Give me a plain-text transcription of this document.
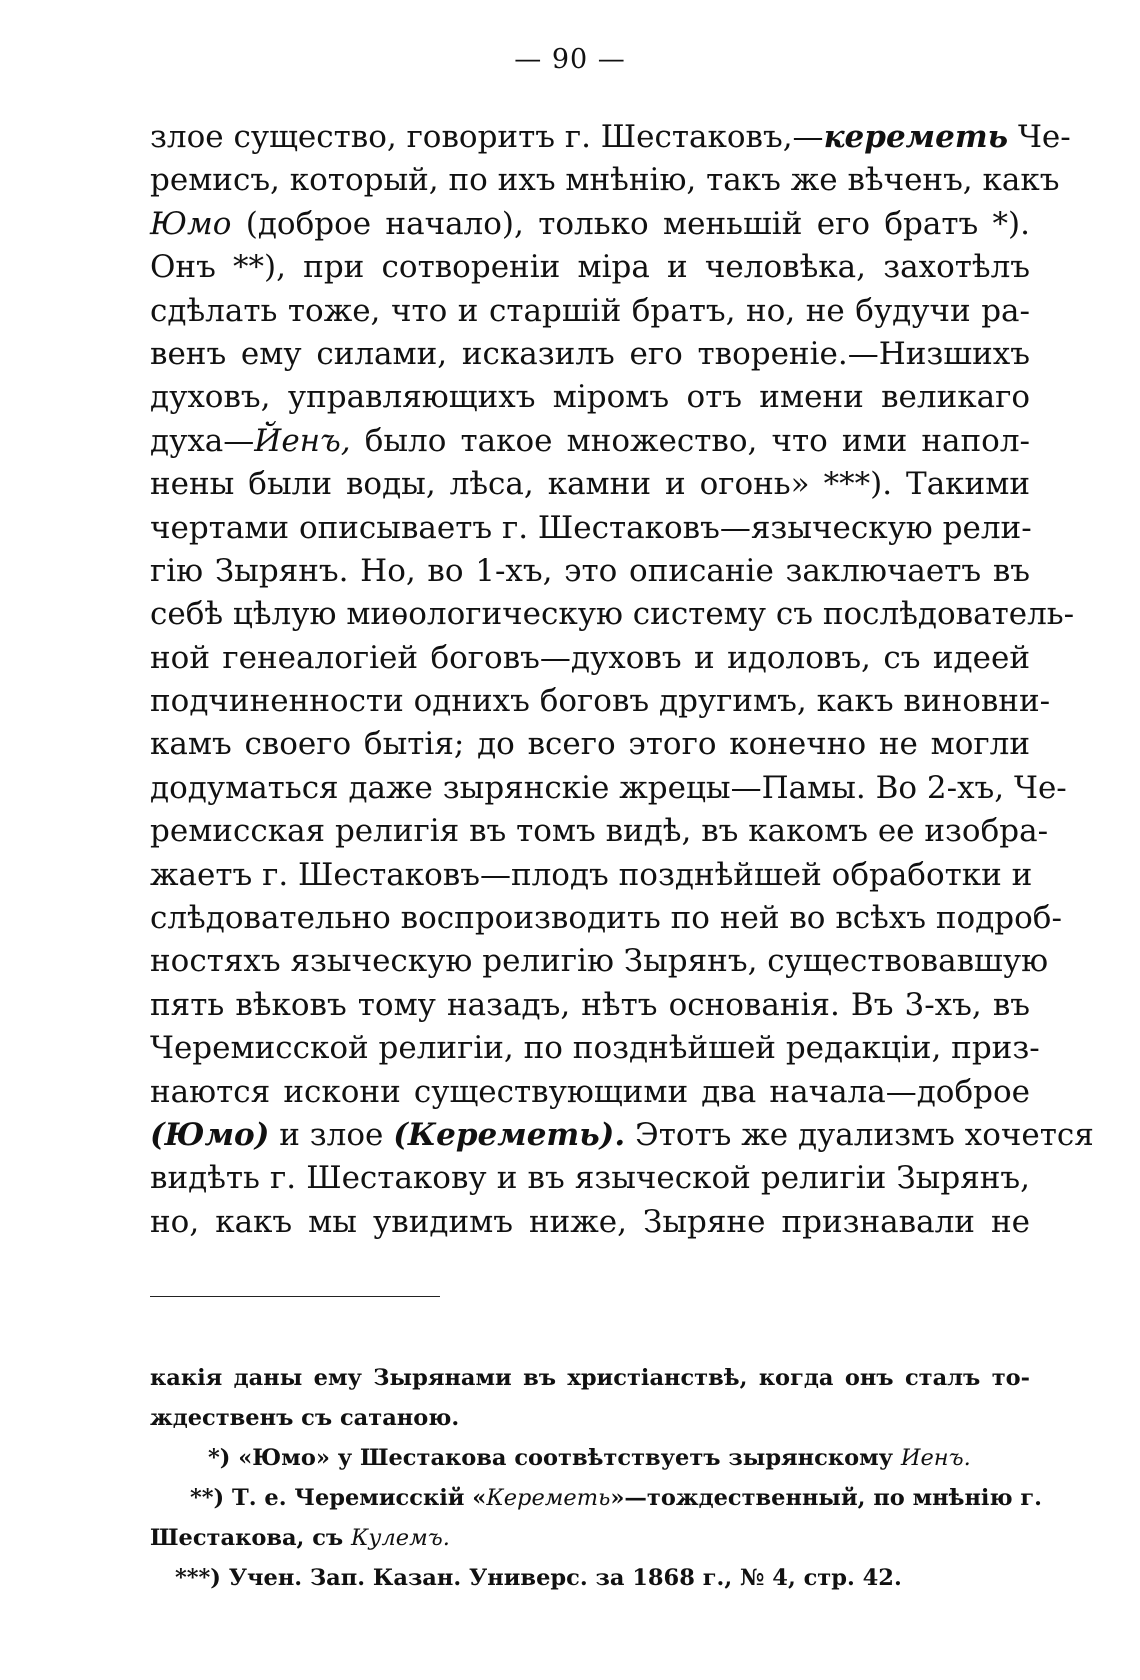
— 90 —
злое существо, говоритъ г. Шестаковъ,—кереметь Че-
ремисъ, который, по ихъ мнѣнію, такъ же вѣченъ, какъ
Юмо (доброе начало), только меньшій его братъ *).
Онъ **), при сотвореніи міра и человѣка, захотѣлъ
сдѣлать тоже, что и старшій братъ, но, не будучи ра-
венъ ему силами, исказилъ его твореніе.—Низшихъ
духовъ, управляющихъ міромъ отъ имени великаго
духа—Йенъ, было такое множество, что ими напол-
нены были воды, лѣса, камни и огонь» ***). Такими
чертами описываетъ г. Шестаковъ—языческую рели-
гію Зырянъ. Но, во 1-хъ, это описаніе заключаетъ въ
себѣ цѣлую миѳологическую систему съ послѣдователь-
ной генеалогіей боговъ—духовъ и идоловъ, съ идеей
подчиненности однихъ боговъ другимъ, какъ виновни-
камъ своего бытія; до всего этого конечно не могли
додуматься даже зырянскіе жрецы—Памы. Во 2-хъ, Че-
ремисская религія въ томъ видѣ, въ какомъ ее изобра-
жаетъ г. Шестаковъ—плодъ позднѣйшей обработки и
слѣдовательно воспроизводить по ней во всѣхъ подроб-
ностяхъ языческую религію Зырянъ, существовавшую
пять вѣковъ тому назадъ, нѣтъ основанія. Въ 3-хъ, въ
Черемисской религіи, по позднѣйшей редакціи, приз-
наются искони существующими два начала—доброе
(Юмо) и злое (Кереметь). Этотъ же дуализмъ хочется
видѣть г. Шестакову и въ языческой религіи Зырянъ,
но, какъ мы увидимъ ниже, Зыряне признавали не
какія даны ему Зырянами въ христіанствѣ, когда онъ сталъ то-
ждественъ съ сатаною.
*) «Юмо» у Шестакова соотвѣтствуетъ зырянскому Иенъ.
**) Т. е. Черемисскій «Кереметь»—тождественный, по мнѣнію г.
Шестакова, съ Кулемъ.
***) Учен. Зап. Казан. Универс. за 1868 г., № 4, стр. 42.
